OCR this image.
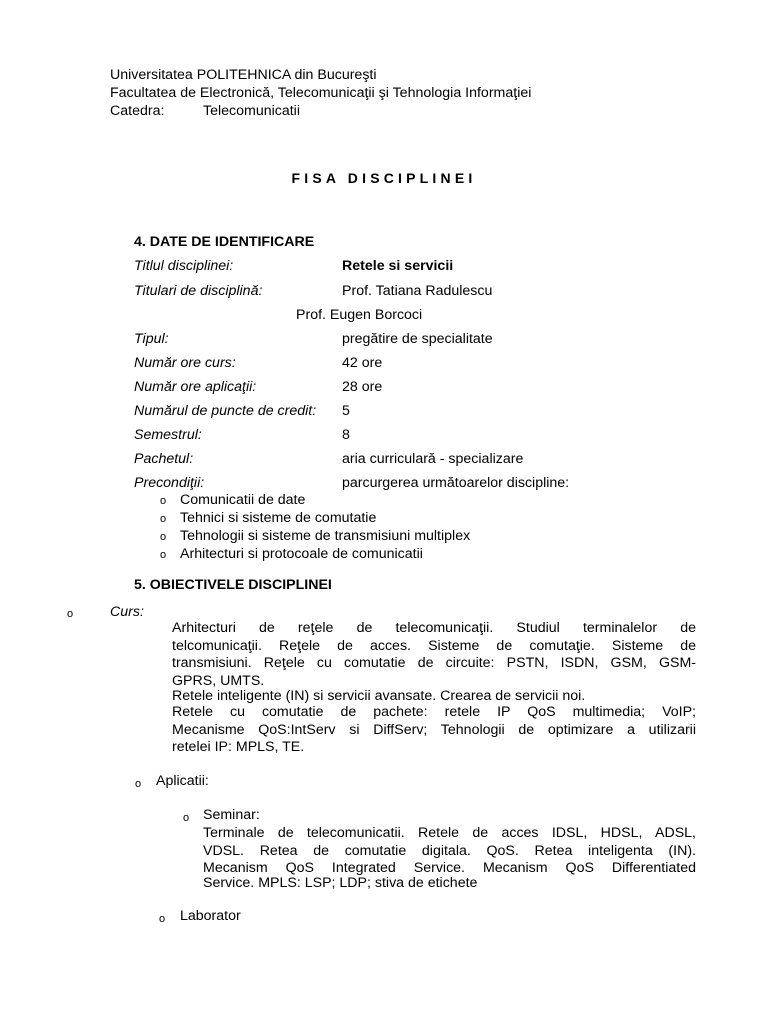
Universitatea POLITEHNICA din Bucureşti
Facultatea de Electronică, Telecomunicaţii şi Tehnologia Informaţiei
Catedra:	Telecomunicatii
FISA DISCIPLINEI
4. DATE DE IDENTIFICARE
Titlul disciplinei:	Retele si servicii
Titulari de disciplină:	Prof. Tatiana Radulescu
Prof. Eugen Borcoci
Tipul:	pregătire de specialitate
Număr ore curs:	42 ore
Număr ore aplicaţii:	28 ore
Numărul de puncte de credit: 5
Semestrul:	8
Pachetul:	aria curriculară - specializare
Precondiţii:	parcurgerea următoarelor discipline:
o Comunicatii de date
o Tehnici si sisteme de comutatie
o Tehnologii si sisteme de transmisiuni multiplex
o Arhitecturi si protocoale de comunicatii
5. OBIECTIVELE DISCIPLINEI
o	Curs:
Arhitecturi de reţele de telecomunicaţii. Studiul terminalelor de
telcomunicaţii. Reţele de acces. Sisteme de comutaţie. Sisteme de
transmisiuni. Reţele cu comutatie de circuite: PSTN, ISDN, GSM, GSM-
GPRS, UMTS.
Retele inteligente (IN) si servicii avansate. Crearea de servicii noi.
Retele cu comutatie de pachete: retele IP QoS multimedia; VoIP;
Mecanisme QoS:IntServ si DiffServ; Tehnologii de optimizare a utilizarii
retelei IP: MPLS, TE.
o Aplicatii:
o Seminar:
Terminale de telecomunicatii. Retele de acces IDSL, HDSL, ADSL,
VDSL. Retea de comutatie digitala. QoS. Retea inteligenta (IN).
Mecanism QoS Integrated Service. Mecanism QoS Differentiated
Service. MPLS: LSP; LDP; stiva de etichete
o Laborator
